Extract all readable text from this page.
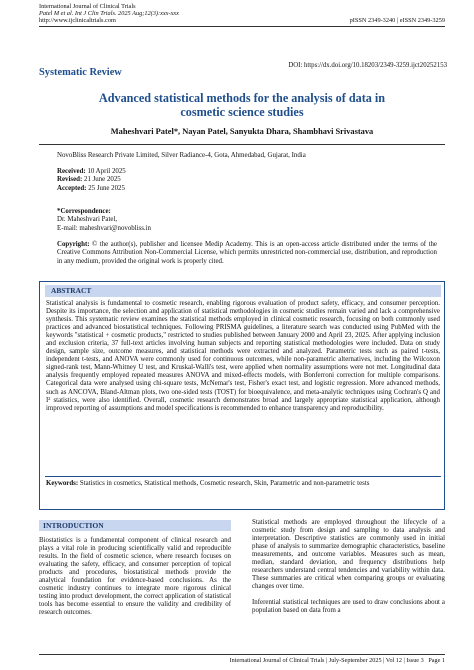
International Journal of Clinical Trials
Patel M et al. Int J Clin Trials. 2025 Aug;12(3):xxx-xxx
http://www.ijclinicaltrials.com	pISSN 2349-3240 | eISSN 2349-3259
DOI: https://dx.doi.org/10.18203/2349-3259.ijct20252153
Systematic Review
Advanced statistical methods for the analysis of data in
cosmetic science studies
Maheshvari Patel*, Nayan Patel, Sanyukta Dhara, Shambhavi Srivastava
NovoBliss Research Private Limited, Silver Radiance-4, Gota, Ahmedabad, Gujarat, India
Received: 10 April 2025
Revised: 21 June 2025
Accepted: 25 June 2025
*Correspondence:
Dr. Maheshvari Patel,
E-mail: maheshvari@novobliss.in
Copyright: © the author(s), publisher and licensee Medip Academy. This is an open-access article distributed under the terms of the Creative Commons Attribution Non-Commercial License, which permits unrestricted non-commercial use, distribution, and reproduction in any medium, provided the original work is properly cited.
ABSTRACT
Statistical analysis is fundamental to cosmetic research, enabling rigorous evaluation of product safety, efficacy, and consumer perception. Despite its importance, the selection and application of statistical methodologies in cosmetic studies remain varied and lack a comprehensive synthesis. This systematic review examines the statistical methods employed in clinical cosmetic research, focusing on both commonly used practices and advanced biostatistical techniques. Following PRISMA guidelines, a literature search was conducted using PubMed with the keywords "statistical + cosmetic products," restricted to studies published between January 2000 and April 23, 2025. After applying inclusion and exclusion criteria, 37 full-text articles involving human subjects and reporting statistical methodologies were included. Data on study design, sample size, outcome measures, and statistical methods were extracted and analyzed. Parametric tests such as paired t-tests, independent t-tests, and ANOVA were commonly used for continuous outcomes, while non-parametric alternatives, including the Wilcoxon signed-rank test, Mann-Whitney U test, and Kruskal-Walli's test, were applied when normality assumptions were not met. Longitudinal data analysis frequently employed repeated measures ANOVA and mixed-effects models, with Bonferroni correction for multiple comparisons. Categorical data were analysed using chi-square tests, McNemar's test, Fisher's exact test, and logistic regression. More advanced methods, such as ANCOVA, Bland-Altman plots, two one-sided tests (TOST) for bioequivalence, and meta-analytic techniques using Cochran's Q and I² statistics, were also identified. Overall, cosmetic research demonstrates broad and largely appropriate statistical application, although improved reporting of assumptions and model specifications is recommended to enhance transparency and reproducibility.
Keywords: Statistics in cosmetics, Statistical methods, Cosmetic research, Skin, Parametric and non-parametric tests
INTRODUCTION
Biostatistics is a fundamental component of clinical research and plays a vital role in producing scientifically valid and reproducible results. In the field of cosmetic science, where research focuses on evaluating the safety, efficacy, and consumer perception of topical products and procedures, biostatistical methods provide the analytical foundation for evidence-based conclusions. As the cosmetic industry continues to integrate more rigorous clinical testing into product development, the correct application of statistical tools has become essential to ensure the validity and credibility of research outcomes.

Statistical methods are employed throughout the lifecycle of a cosmetic study from design and sampling to data analysis and interpretation. Descriptive statistics are commonly used in initial phase of analysis to summarize demographic characteristics, baseline measurements, and outcome variables. Measures such as mean, median, standard deviation, and frequency distributions help researchers understand central tendencies and variability within data. These summaries are critical when comparing groups or evaluating changes over time.

Inferential statistical techniques are used to draw conclusions about a population based on data from a

International Journal of Clinical Trials | July-September 2025 | Vol 12 | Issue 3 Page 1
